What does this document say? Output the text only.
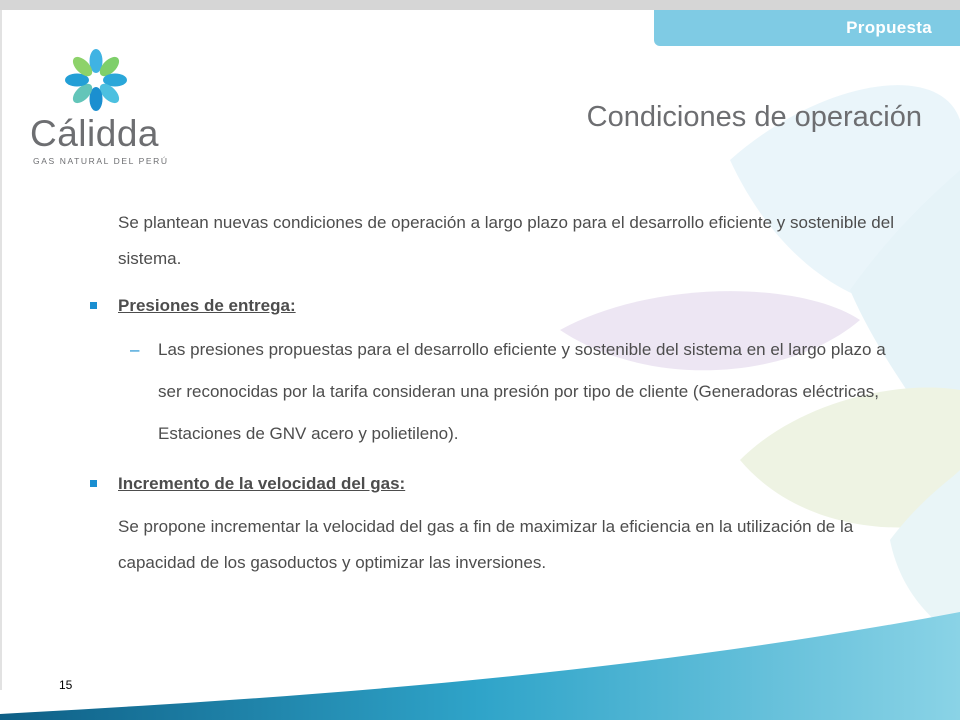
Propuesta
Cálidda
GAS NATURAL DEL PERÚ
Condiciones de operación

Se plantean nuevas condiciones de operación a largo plazo para el desarrollo eficiente y sostenible del sistema.

Presiones de entrega:
– Las presiones propuestas para el desarrollo eficiente y sostenible del sistema en el largo plazo a ser reconocidas por la tarifa consideran una presión por tipo de cliente (Generadoras eléctricas, Estaciones de GNV acero y polietileno).
Incremento de la velocidad del gas:

Se propone incrementar la velocidad del gas a fin de maximizar la eficiencia en la utilización de la capacidad de los gasoductos y optimizar las inversiones.

15
